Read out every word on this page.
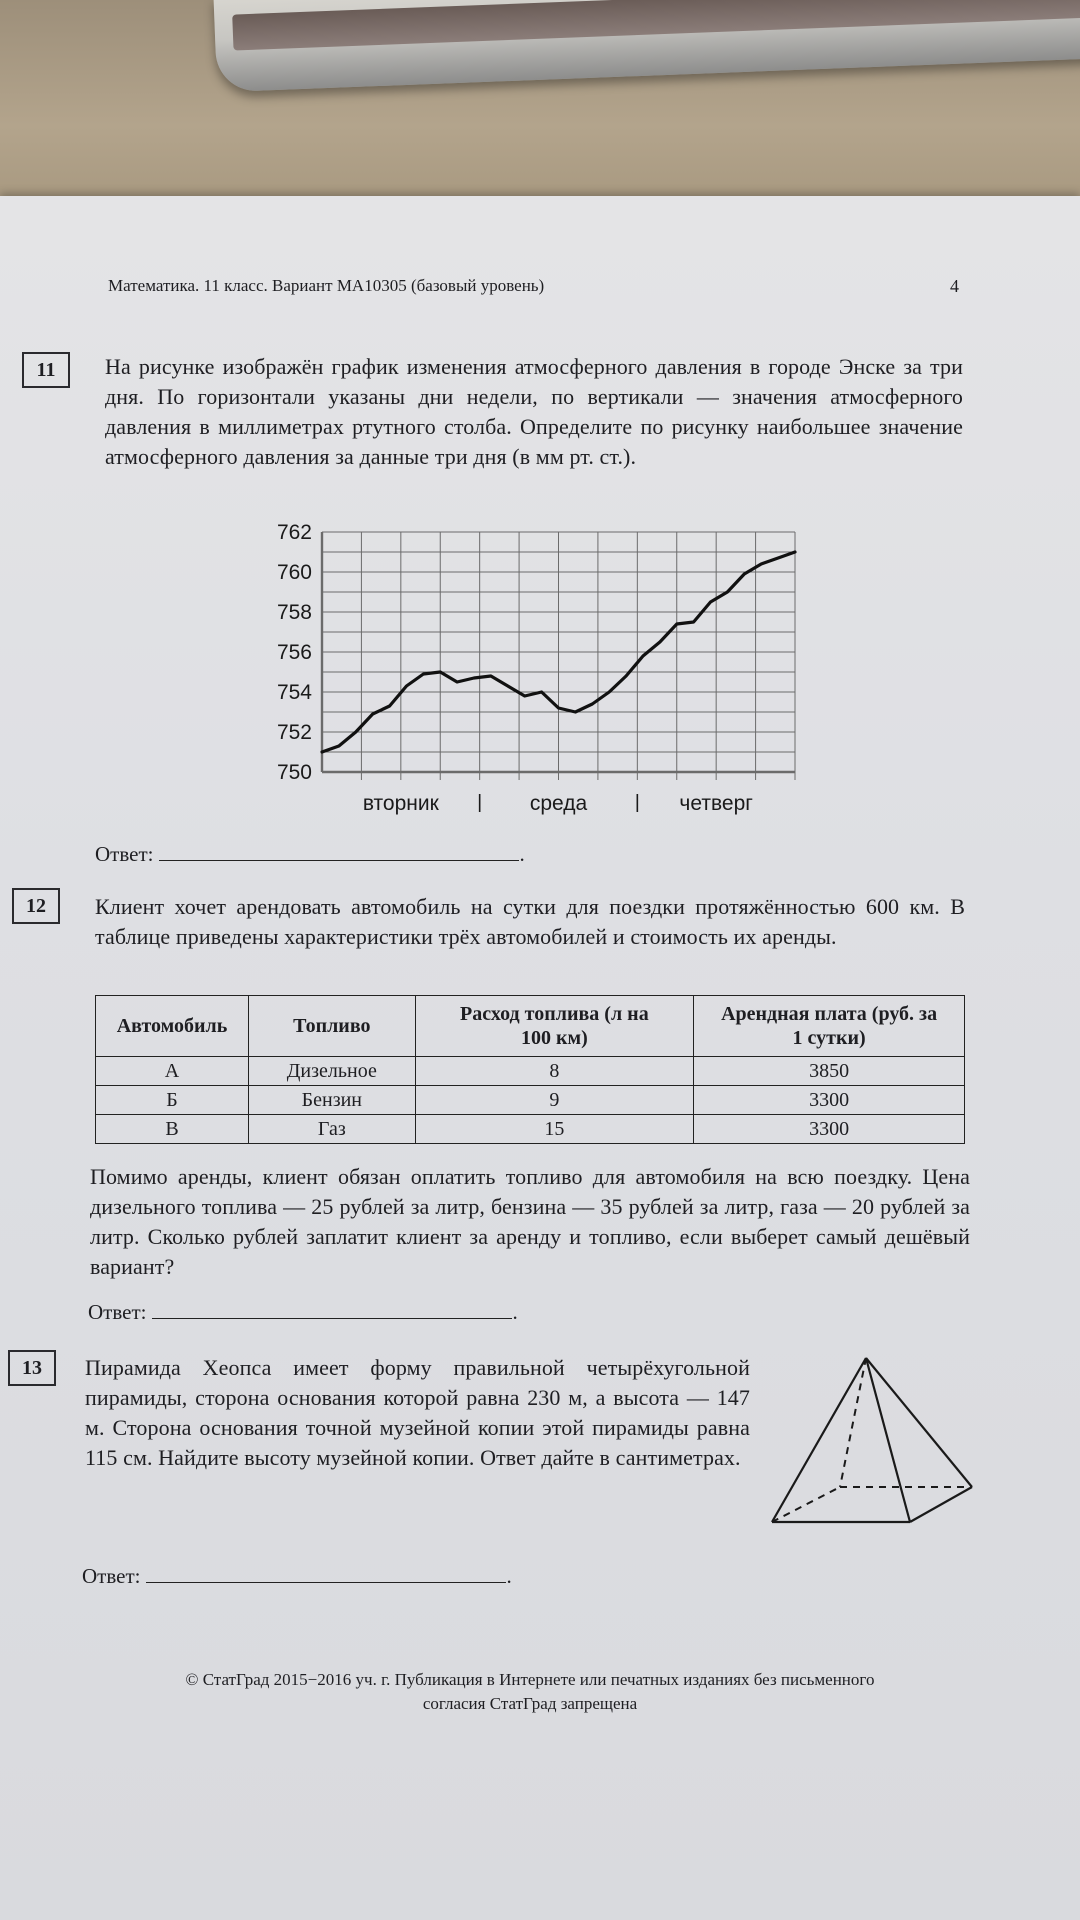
Математика. 11 класс. Вариант МА10305 (базовый уровень)	4
11	На рисунке изображён график изменения атмосферного давления в городе Энске за три дня. По горизонтали указаны дни недели, по вертикали — значения атмосферного давления в миллиметрах ртутного столба. Определите по рисунку наибольшее значение атмосферного давления за данные три дня (в мм рт. ст.).
762
760
758
756
754
752
750
вторник	среда	четверг
Ответ:	.
12	Клиент хочет арендовать автомобиль на сутки для поездки протяжённостью 600 км. В таблице приведены характеристики трёх автомобилей и стоимость их аренды.
Автомобиль	Топливо	Расход топлива (л на 100 км)	Арендная плата (руб. за 1 сутки)
А	Дизельное	8	3850
Б	Бензин	9	3300
В	Газ	15	3300
Помимо аренды, клиент обязан оплатить топливо для автомобиля на всю поездку. Цена дизельного топлива — 25 рублей за литр, бензина — 35 рублей за литр, газа — 20 рублей за литр. Сколько рублей заплатит клиент за аренду и топливо, если выберет самый дешёвый вариант?
Ответ:	.
13	Пирамида Хеопса имеет форму правильной четырёхугольной пирамиды, сторона основания которой равна 230 м, а высота — 147 м. Сторона основания точной музейной копии этой пирамиды равна 115 см. Найдите высоту музейной копии. Ответ дайте в сантиметрах.
Ответ:	.
© СтатГрад 2015−2016 уч. г. Публикация в Интернете или печатных изданиях без письменного
согласия СтатГрад запрещена
